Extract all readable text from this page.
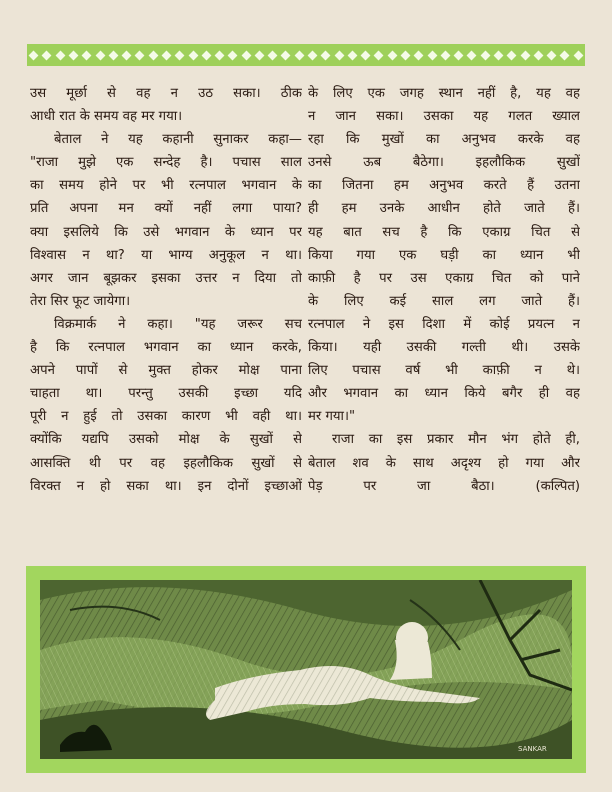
उस मूर्छा से वह न उठ सका। ठीक
आधी रात के समय वह मर गया।
बेताल ने यह कहानी सुनाकर कहा—
"राजा मुझे एक सन्देह है। पचास साल
का समय होने पर भी रत्नपाल भगवान के
प्रति अपना मन क्यों नहीं लगा पाया?
क्या इसलिये कि उसे भगवान के ध्यान पर
विश्वास न था? या भाग्य अनुकूल न था।
अगर जान बूझकर इसका उत्तर न दिया तो
तेरा सिर फूट जायेगा।
विक्रमार्क ने कहा। "यह जरूर सच
है कि रत्नपाल भगवान का ध्यान करके,
अपने पापों से मुक्त होकर मोक्ष पाना
चाहता था। परन्तु उसकी इच्छा यदि
पूरी न हुई तो उसका कारण भी वही था।
क्योंकि यद्यपि उसको मोक्ष के सुखों से
आसक्ति थी पर वह इहलौकिक सुखों से
विरक्त न हो सका था। इन दोनों इच्छाओं
के लिए एक जगह स्थान नहीं है, यह वह
न जान सका। उसका यह गलत ख्याल
रहा कि मुखों का अनुभव करके वह
उनसे ऊब बैठेगा। इहलौकिक सुखों
का जितना हम अनुभव करते हैं उतना
ही हम उनके आधीन होते जाते हैं।
यह बात सच है कि एकाग्र चित से
किया गया एक घड़ी का ध्यान भी
काफ़ी है पर उस एकाग्र चित को पाने
के लिए कई साल लग जाते हैं।
रत्नपाल ने इस दिशा में कोई प्रयत्न न
किया। यही उसकी गल्ती थी। उसके
लिए पचास वर्ष भी काफ़ी न थे।
और भगवान का ध्यान किये बगैर ही वह
मर गया।"
राजा का इस प्रकार मौन भंग होते ही,
बेताल शव के साथ अदृश्य हो गया और
पेड़ पर जा बैठा। (कल्पित)
SANKAR
